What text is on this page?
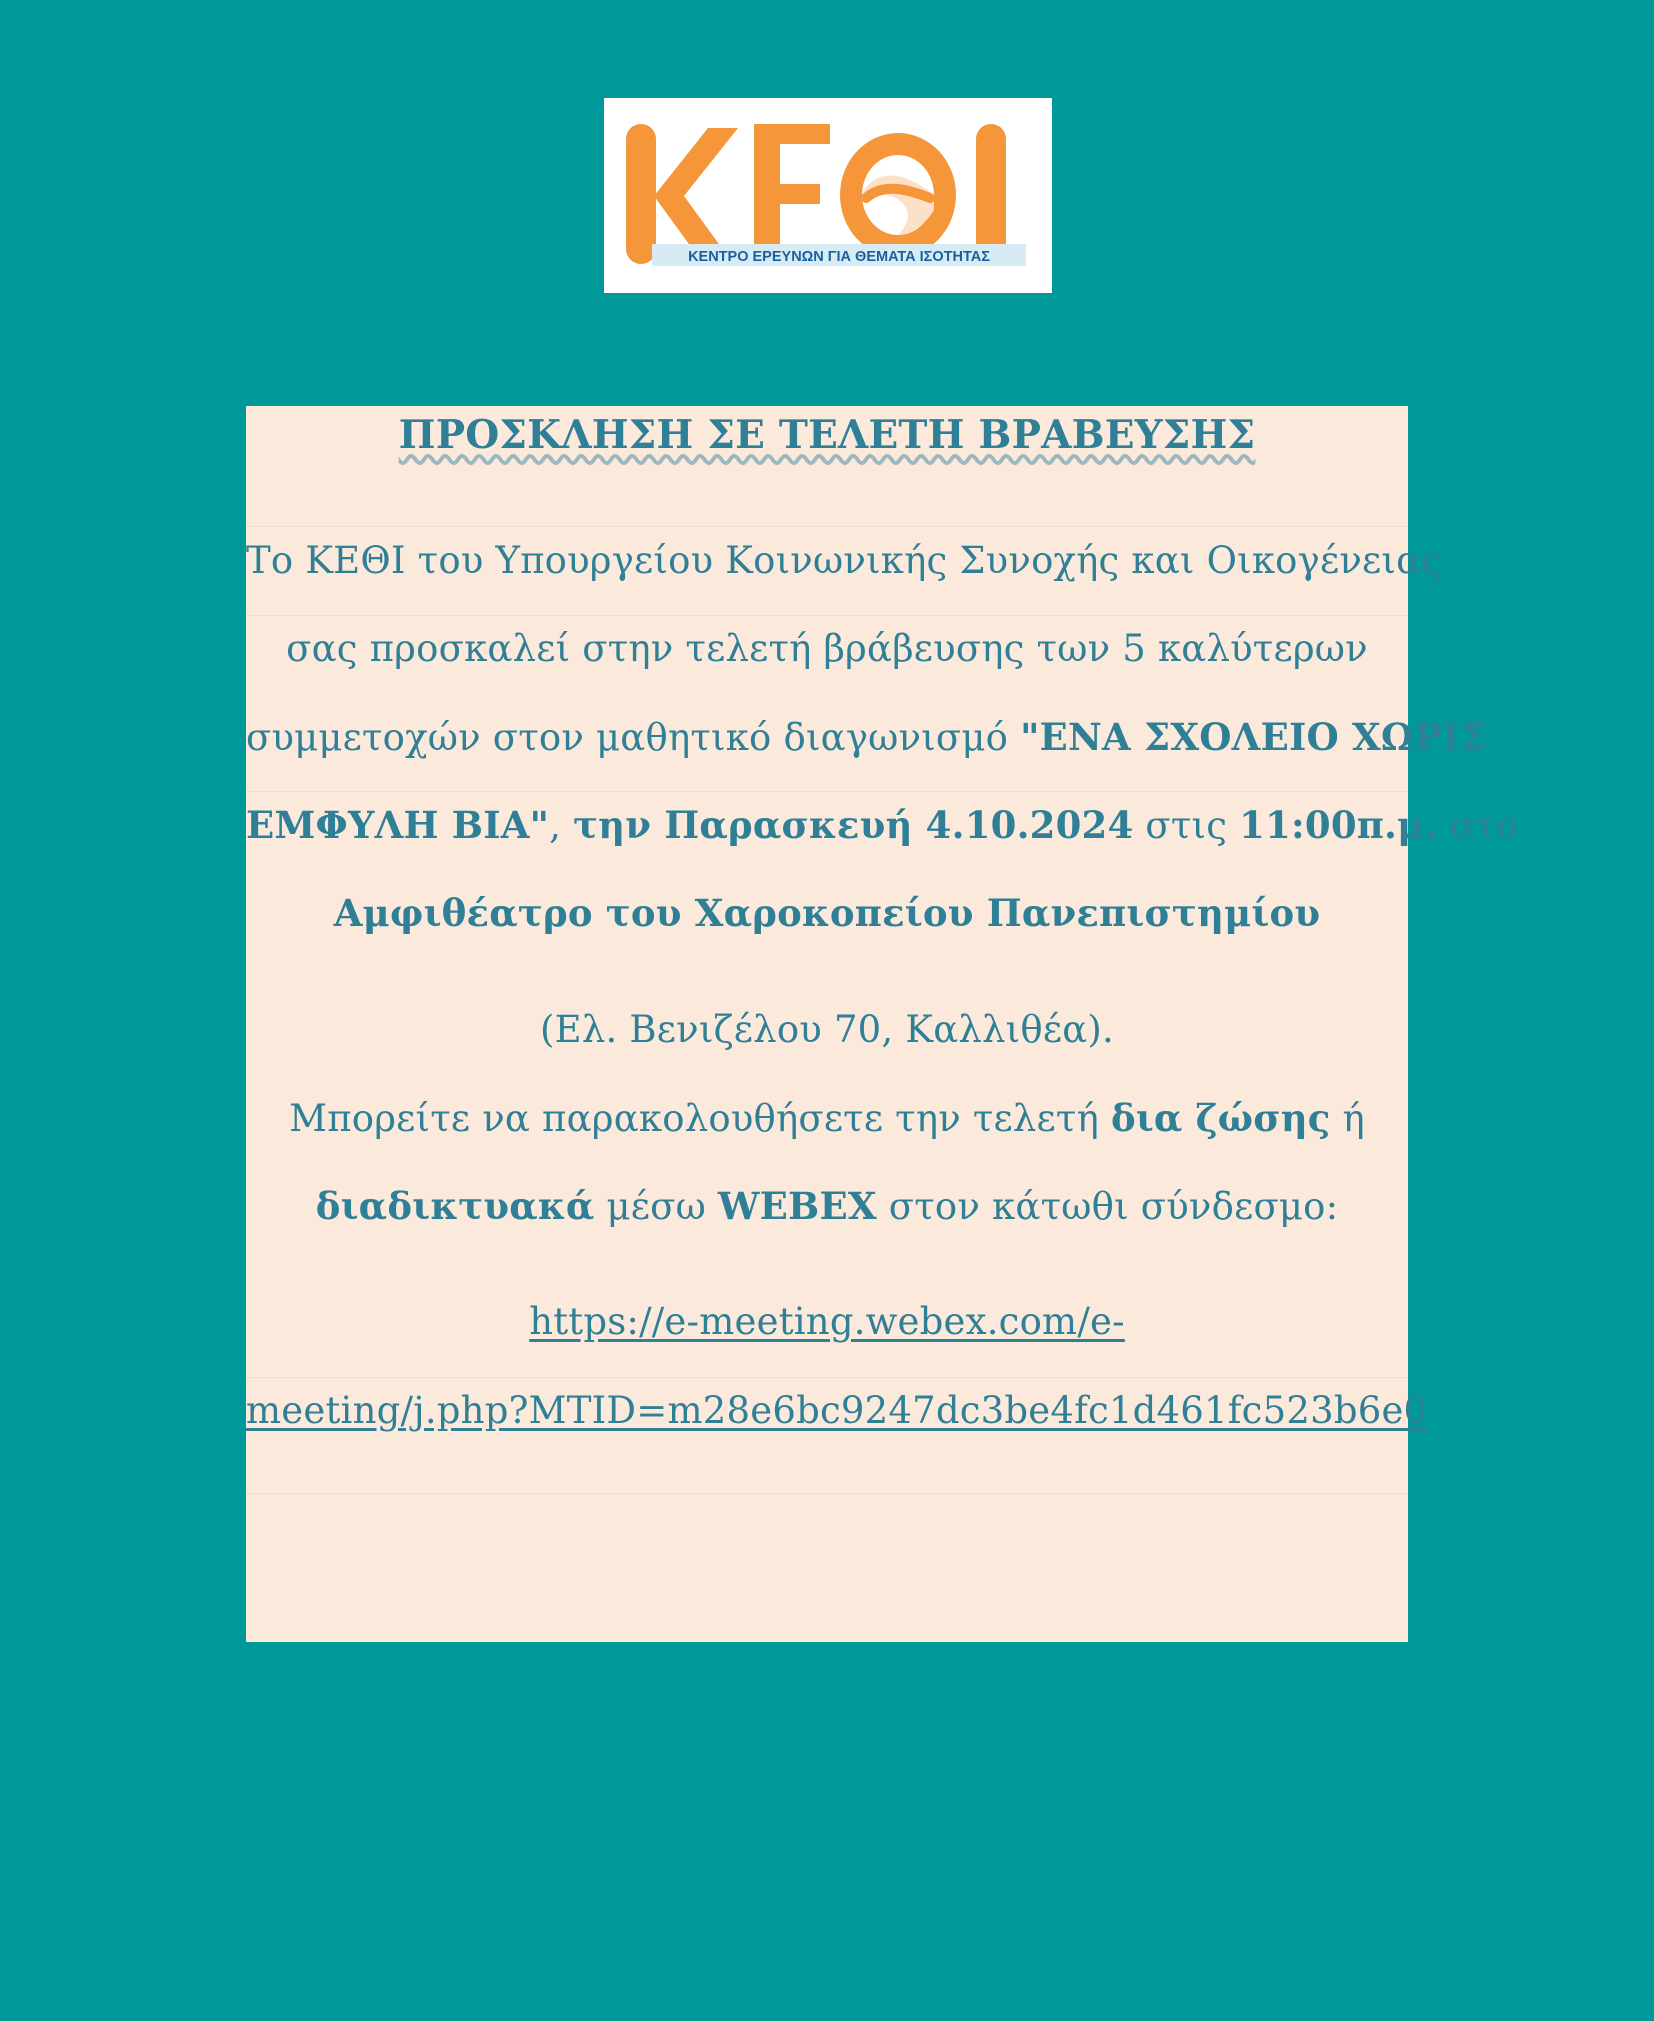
ΚΕΝΤΡΟ ΕΡΕΥΝΩΝ ΓΙΑ ΘΕΜΑΤΑ ΙΣΟΤΗΤΑΣ
ΠΡΟΣΚΛΗΣΗ ΣΕ ΤΕΛΕΤΗ ΒΡΑΒΕΥΣΗΣ
Το ΚΕΘΙ του Υπουργείου Κοινωνικής Συνοχής και Οικογένειας
σας προσκαλεί στην τελετή βράβευσης των 5 καλύτερων
συμμετοχών στον μαθητικό διαγωνισμό "ΕΝΑ ΣΧΟΛΕΙΟ ΧΩΡΙΣ
ΕΜΦΥΛΗ ΒΙΑ", την Παρασκευή 4.10.2024 στις 11:00π.μ. στο
Αμφιθέατρο του Χαροκοπείου Πανεπιστημίου
(Ελ. Βενιζέλου 70, Καλλιθέα).
Μπορείτε να παρακολουθήσετε την τελετή δια ζώσης ή
διαδικτυακά μέσω WEBEX στον κάτωθι σύνδεσμο:
https://e-meeting.webex.com/e-
meeting/j.php?MTID=m28e6bc9247dc3be4fc1d461fc523b6e0
